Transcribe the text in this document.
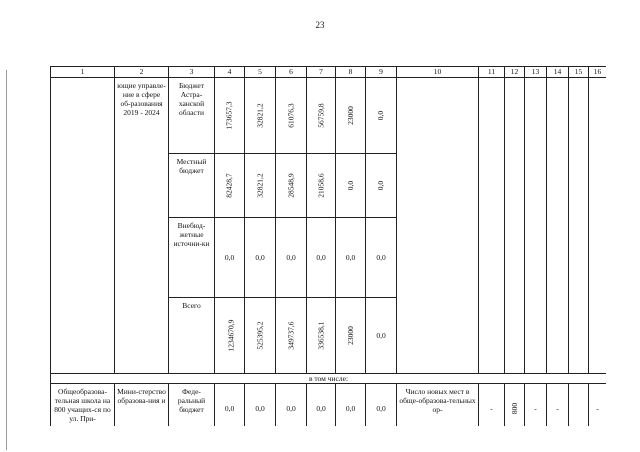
23
1	2	3	4	5	6	7	8	9	10	11	12	13	14	15	16

	ющие управле-ние в сфере об-разования 2019 - 2024	Бюджет Астра-ханской области	173657,3	32821,2	61076,3	56759,8	23000	0,0							

		Местный бюджет	82428,7	32821,2	28548,9	21058,6	0,0	0,0							

		Внебюд-жетные источни-ки	0,0	0,0	0,0	0,0	0,0	0,0							

		Всего	1234670,9	525395,2	349737,6	336538,1	23000	0,0							
в том числе:															

Общеобразова-тельная школа на 800 учащих-ся по ул. При-	Мини-стерство образова-ния и	Феде-ральный бюджет	0,0	0,0	0,0	0,0	0,0	0,0	Число новых мест в обще-образова-тельных ор-	-	800	-	-		-
